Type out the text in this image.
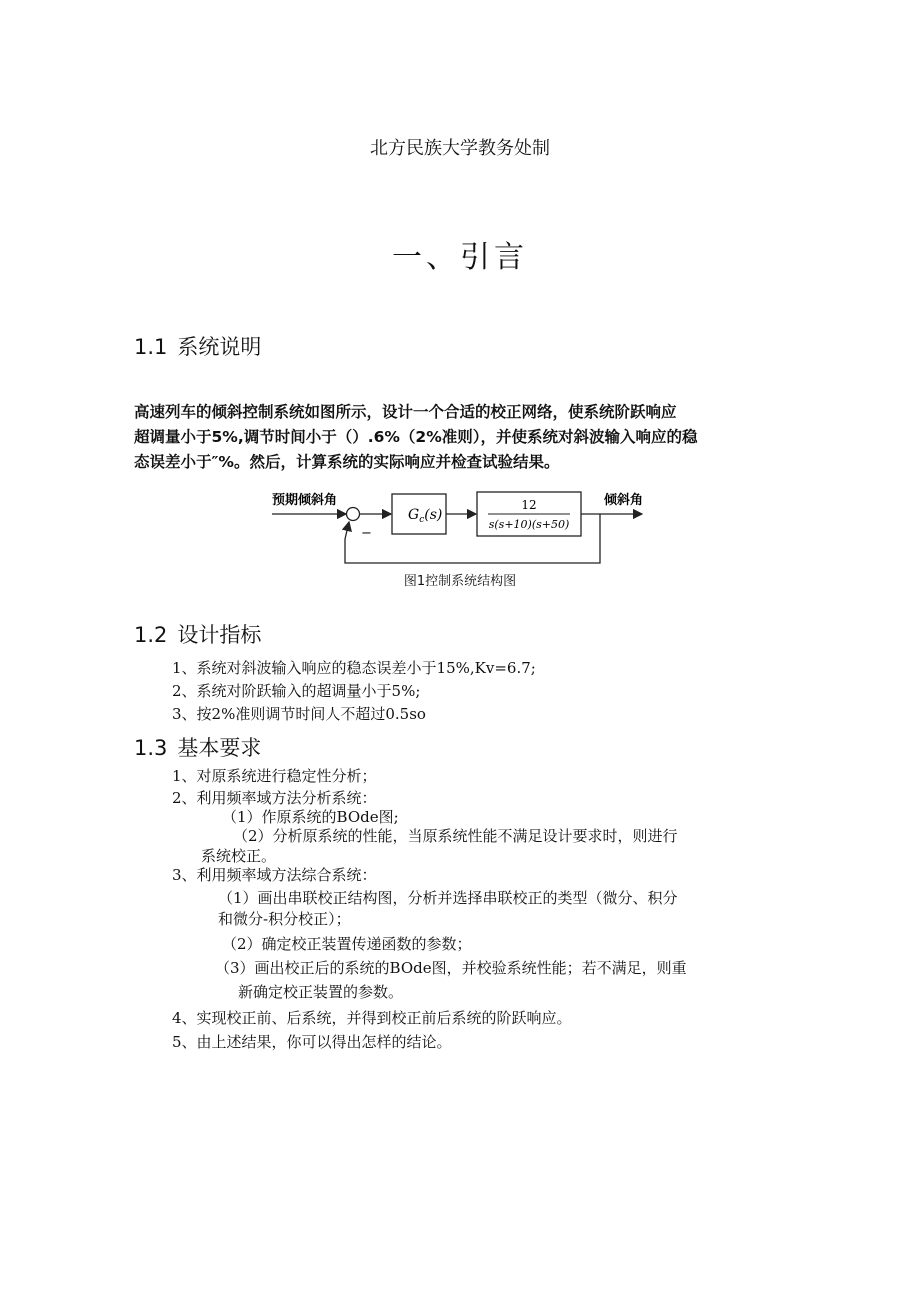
北方民族大学教务处制
一、引言
1.1 系统说明

高速列车的倾斜控制系统如图所示，设计一个合适的校正网络，使系统阶跃响应

超调量小于5%,调节时间小于（）.6%（2%准则），并使系统对斜波输入响应的稳

态误差小于″%。然后，计算系统的实际响应并检查试验结果。

预期倾斜角
$G_c(s)$
12
s(s+10)(s+50)
倾斜角
−
图1控制系统结构图
1.2 设计指标
1、系统对斜波输入响应的稳态误差小于15%,Kv=6.7;
2、系统对阶跃输入的超调量小于5%;
3、按2%准则调节时间人不超过0.5so
1.3 基本要求
1、对原系统进行稳定性分析；
2、利用频率域方法分析系统：
（1）作原系统的BOde图;
（2）分析原系统的性能，当原系统性能不满足设计要求时，则进行
系统校正。
3、利用频率域方法综合系统：
（1）画出串联校正结构图，分析并选择串联校正的类型（微分、积分
和微分-积分校正）；
（2）确定校正装置传递函数的参数；
（3）画出校正后的系统的BOde图，并校验系统性能；若不满足，则重
新确定校正装置的参数。
4、实现校正前、后系统，并得到校正前后系统的阶跃响应。
5、由上述结果，你可以得出怎样的结论。
